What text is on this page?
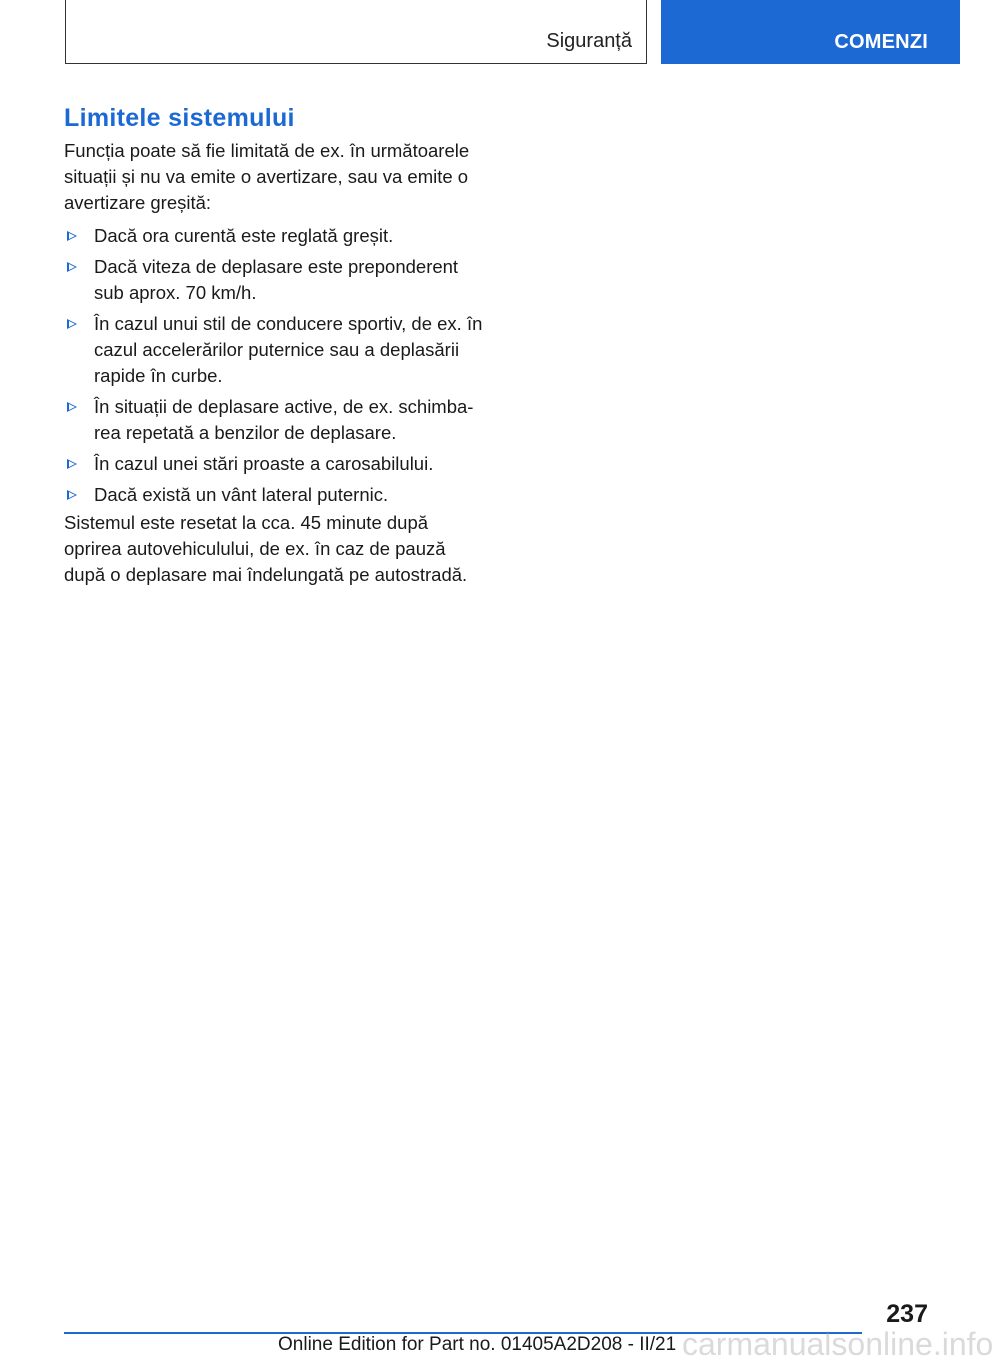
Siguranță	COMENZI
Limitele sistemului

Funcția poate să fie limitată de ex. în următoarele situații și nu va emite o avertizare, sau va emite o avertizare greșită:

Dacă ora curentă este reglată greșit.
Dacă viteza de deplasare este preponderent sub aprox. 70 km/h.
În cazul unui stil de conducere sportiv, de ex. în cazul accelerărilor puternice sau a deplasării rapide în curbe.
În situații de deplasare active, de ex. schimbarea repetată a benzilor de deplasare.
În cazul unei stări proaste a carosabilului.
Dacă există un vânt lateral puternic.

Sistemul este resetat la cca. 45 minute după oprirea autovehiculului, de ex. în caz de pauză după o deplasare mai îndelungată pe autostradă.

237
Online Edition for Part no. 01405A2D208 - II/21 carmanualsonline.info
